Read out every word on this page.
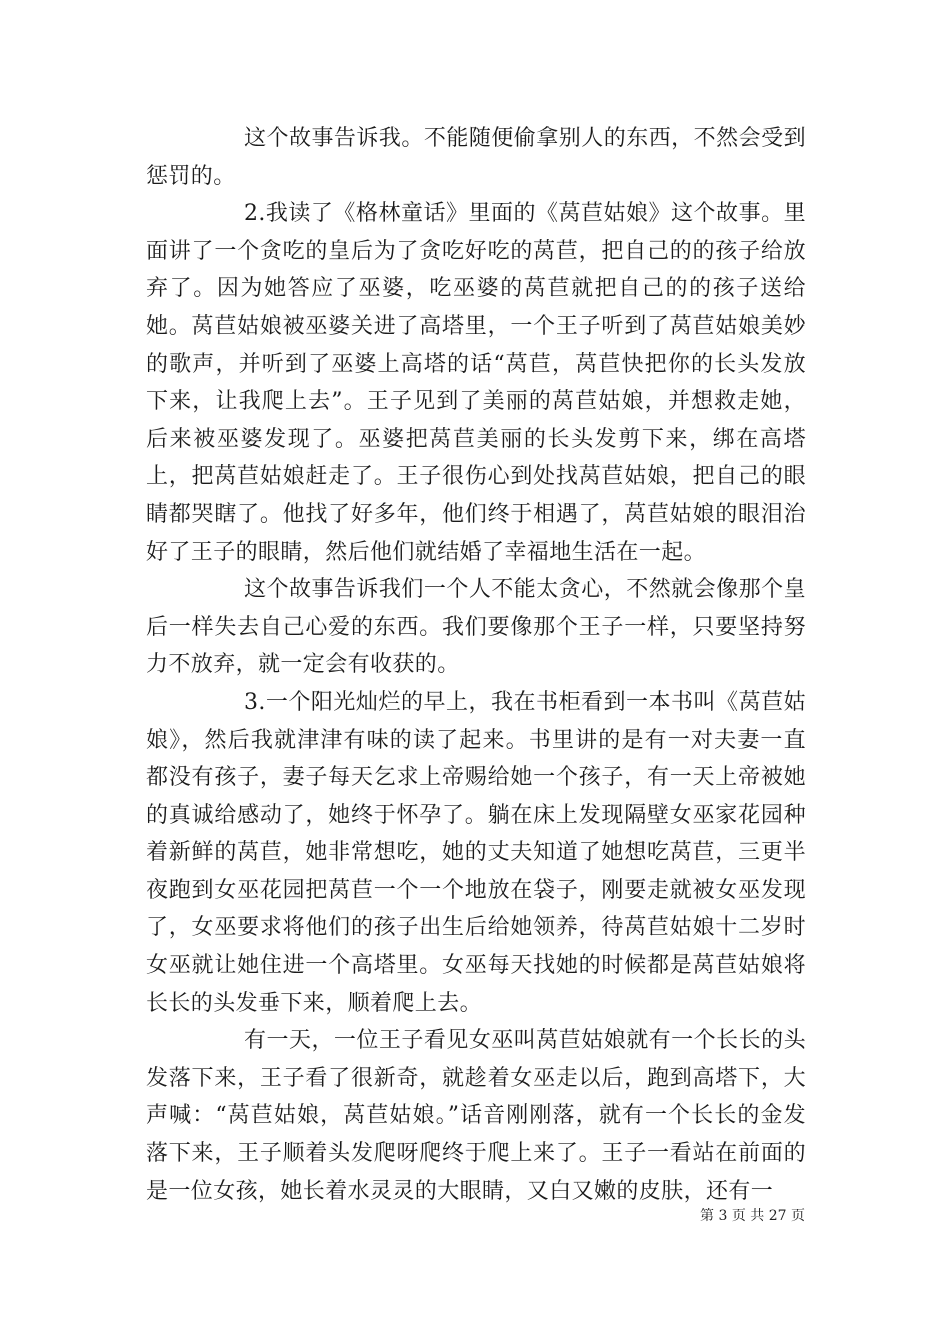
这个故事告诉我。不能随便偷拿别人的东西，不然会受到惩罚的。

2.我读了《格林童话》里面的《莴苣姑娘》这个故事。里面讲了一个贪吃的皇后为了贪吃好吃的莴苣，把自己的的孩子给放弃了。因为她答应了巫婆，吃巫婆的莴苣就把自己的的孩子送给她。莴苣姑娘被巫婆关进了高塔里，一个王子听到了莴苣姑娘美妙的歌声，并听到了巫婆上高塔的话“莴苣，莴苣快把你的长头发放下来，让我爬上去”。王子见到了美丽的莴苣姑娘，并想救走她，后来被巫婆发现了。巫婆把莴苣美丽的长头发剪下来，绑在高塔上，把莴苣姑娘赶走了。王子很伤心到处找莴苣姑娘，把自己的眼睛都哭瞎了。他找了好多年，他们终于相遇了，莴苣姑娘的眼泪治好了王子的眼睛，然后他们就结婚了幸福地生活在一起。

这个故事告诉我们一个人不能太贪心，不然就会像那个皇后一样失去自己心爱的东西。我们要像那个王子一样，只要坚持努力不放弃，就一定会有收获的。

3.一个阳光灿烂的早上，我在书柜看到一本书叫《莴苣姑娘》，然后我就津津有味的读了起来。书里讲的是有一对夫妻一直都没有孩子，妻子每天乞求上帝赐给她一个孩子，有一天上帝被她的真诚给感动了，她终于怀孕了。躺在床上发现隔壁女巫家花园种着新鲜的莴苣，她非常想吃，她的丈夫知道了她想吃莴苣，三更半夜跑到女巫花园把莴苣一个一个地放在袋子，刚要走就被女巫发现了，女巫要求将他们的孩子出生后给她领养，待莴苣姑娘十二岁时女巫就让她住进一个高塔里。女巫每天找她的时候都是莴苣姑娘将长长的头发垂下来，顺着爬上去。

有一天，一位王子看见女巫叫莴苣姑娘就有一个长长的头发落下来，王子看了很新奇，就趁着女巫走以后，跑到高塔下，大声喊：“莴苣姑娘，莴苣姑娘。”话音刚刚落，就有一个长长的金发落下来，王子顺着头发爬呀爬终于爬上来了。王子一看站在前面的是一位女孩，她长着水灵灵的大眼睛，又白又嫩的皮肤，还有一

第 3 页 共 27 页
